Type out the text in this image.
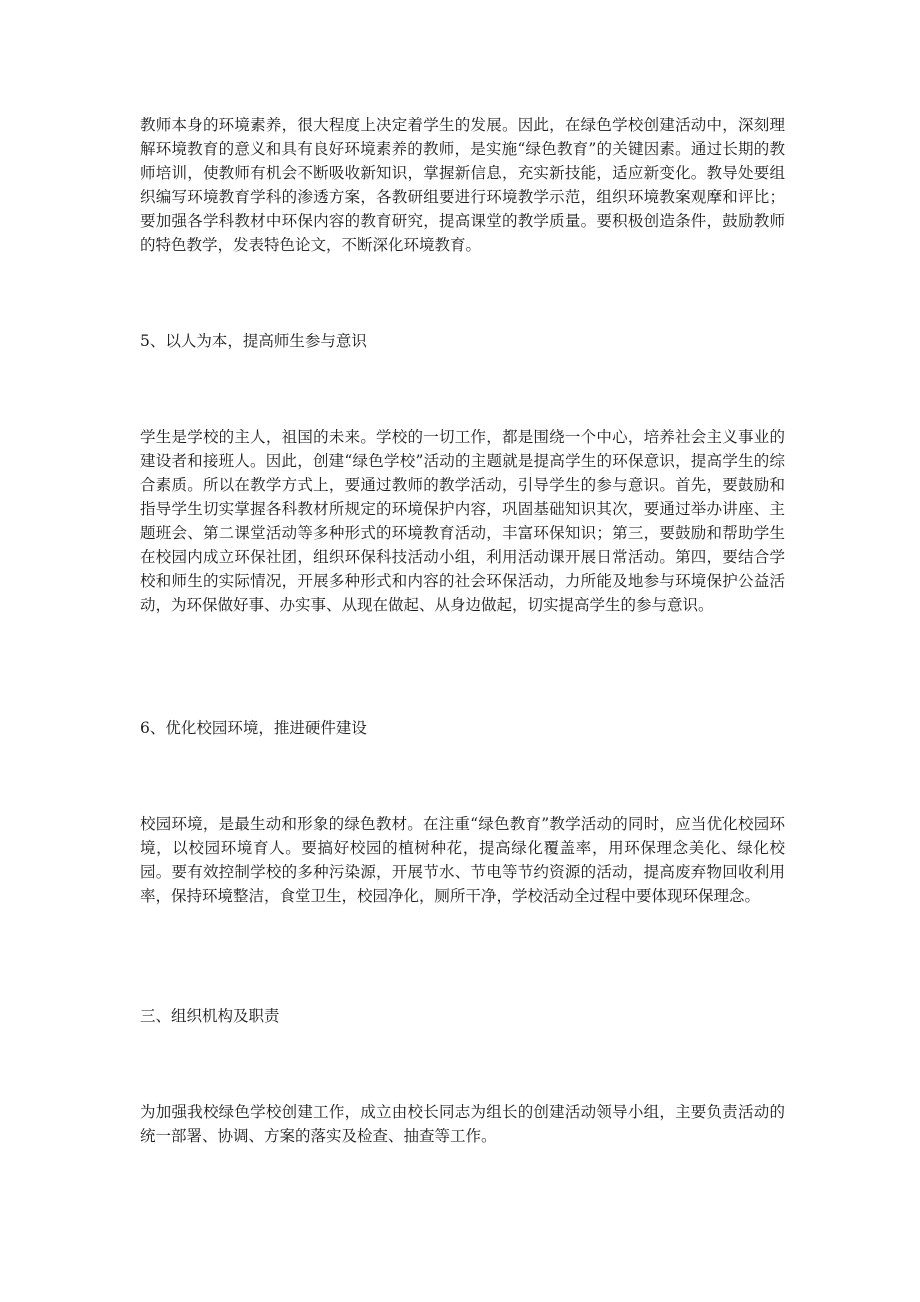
教师本身的环境素养，很大程度上决定着学生的发展。因此，在绿色学校创建活动中，深刻理解环境教育的意义和具有良好环境素养的教师，是实施“绿色教育”的关键因素。通过长期的教师培训，使教师有机会不断吸收新知识，掌握新信息，充实新技能，适应新变化。教导处要组织编写环境教育学科的渗透方案，各教研组要进行环境教学示范，组织环境教案观摩和评比；要加强各学科教材中环保内容的教育研究，提高课堂的教学质量。要积极创造条件，鼓励教师的特色教学，发表特色论文，不断深化环境教育。

5、以人为本，提高师生参与意识

学生是学校的主人，祖国的未来。学校的一切工作，都是围绕一个中心，培养社会主义事业的建设者和接班人。因此，创建“绿色学校”活动的主题就是提高学生的环保意识，提高学生的综合素质。所以在教学方式上，要通过教师的教学活动，引导学生的参与意识。首先，要鼓励和指导学生切实掌握各科教材所规定的环境保护内容，巩固基础知识其次，要通过举办讲座、主题班会、第二课堂活动等多种形式的环境教育活动，丰富环保知识；第三，要鼓励和帮助学生在校园内成立环保社团，组织环保科技活动小组，利用活动课开展日常活动。第四，要结合学校和师生的实际情况，开展多种形式和内容的社会环保活动，力所能及地参与环境保护公益活动，为环保做好事、办实事、从现在做起、从身边做起，切实提高学生的参与意识。

6、优化校园环境，推进硬件建设

校园环境，是最生动和形象的绿色教材。在注重“绿色教育”教学活动的同时，应当优化校园环境，以校园环境育人。要搞好校园的植树种花，提高绿化覆盖率，用环保理念美化、绿化校园。要有效控制学校的多种污染源，开展节水、节电等节约资源的活动，提高废弃物回收利用率，保持环境整洁，食堂卫生，校园净化，厕所干净，学校活动全过程中要体现环保理念。

三、组织机构及职责

为加强我校绿色学校创建工作，成立由校长同志为组长的创建活动领导小组，主要负责活动的统一部署、协调、方案的落实及检查、抽查等工作。
